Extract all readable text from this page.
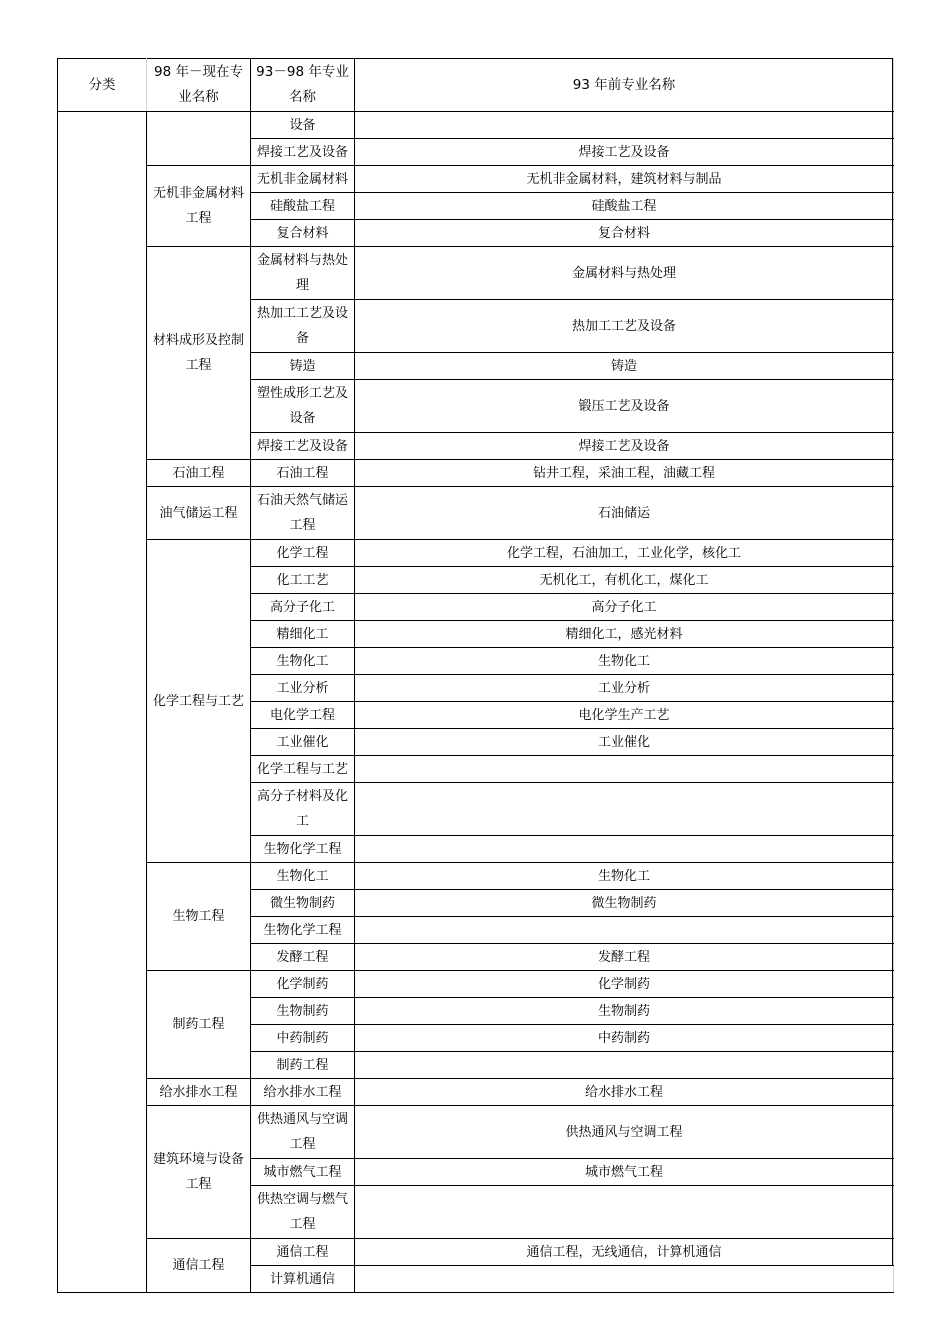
分类	98 年－现在专业名称	93－98 年专业名称	93 年前专业名称
		设备	
		焊接工艺及设备	焊接工艺及设备
	无机非金属材料工程	无机非金属材料	无机非金属材料，建筑材料与制品
		硅酸盐工程	硅酸盐工程
		复合材料	复合材料
	材料成形及控制工程	金属材料与热处理	金属材料与热处理
		热加工工艺及设备	热加工工艺及设备
		铸造	铸造
		塑性成形工艺及设备	锻压工艺及设备
		焊接工艺及设备	焊接工艺及设备
	石油工程	石油工程	钻井工程，采油工程，油藏工程
	油气储运工程	石油天然气储运工程	石油储运
	化学工程与工艺	化学工程	化学工程，石油加工，工业化学，核化工
		化工工艺	无机化工，有机化工，煤化工
		高分子化工	高分子化工
		精细化工	精细化工，感光材料
		生物化工	生物化工
		工业分析	工业分析
		电化学工程	电化学生产工艺
		工业催化	工业催化
		化学工程与工艺	
		高分子材料及化工	
		生物化学工程	
	生物工程	生物化工	生物化工
		微生物制药	微生物制药
		生物化学工程	
		发酵工程	发酵工程
	制药工程	化学制药	化学制药
		生物制药	生物制药
		中药制药	中药制药
		制药工程	
	给水排水工程	给水排水工程	给水排水工程
	建筑环境与设备工程	供热通风与空调工程	供热通风与空调工程
		城市燃气工程	城市燃气工程
		供热空调与燃气工程	
	通信工程	通信工程	通信工程，无线通信，计算机通信
		计算机通信	
